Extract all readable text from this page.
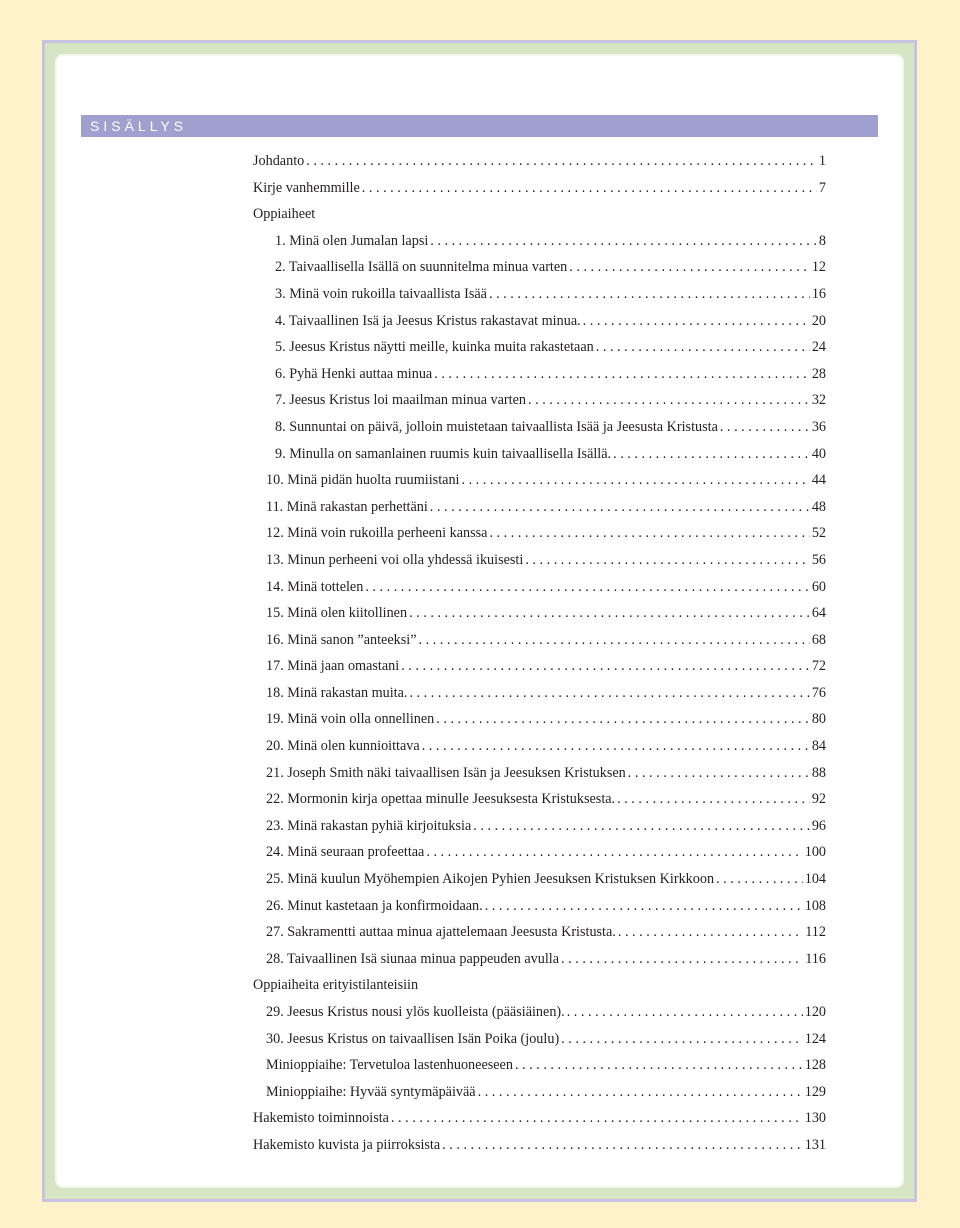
SISÄLLYS
Johdanto . . .	1
Kirje vanhemmille . . .	7
Oppiaiheet
1. Minä olen Jumalan lapsi . . .	8
2. Taivaallisella Isällä on suunnitelma minua varten . . .	12
3. Minä voin rukoilla taivaallista Isää . . .	16
4. Taivaallinen Isä ja Jeesus Kristus rakastavat minua. . . .	20
5. Jeesus Kristus näytti meille, kuinka muita rakastetaan . . .	24
6. Pyhä Henki auttaa minua . . .	28
7. Jeesus Kristus loi maailman minua varten . . .	32
8. Sunnuntai on päivä, jolloin muistetaan taivaallista Isää ja Jeesusta Kristusta . . .	36
9. Minulla on samanlainen ruumis kuin taivaallisella Isällä. . . .	40
10. Minä pidän huolta ruumiistani . . .	44
11. Minä rakastan perhettäni . . .	48
12. Minä voin rukoilla perheeni kanssa . . .	52
13. Minun perheeni voi olla yhdessä ikuisesti . . .	56
14. Minä tottelen . . .	60
15. Minä olen kiitollinen . . .	64
16. Minä sanon ”anteeksi” . . .	68
17. Minä jaan omastani . . .	72
18. Minä rakastan muita. . . .	76
19. Minä voin olla onnellinen . . .	80
20. Minä olen kunnioittava . . .	84
21. Joseph Smith näki taivaallisen Isän ja Jeesuksen Kristuksen . . .	88
22. Mormonin kirja opettaa minulle Jeesuksesta Kristuksesta. . . .	92
23. Minä rakastan pyhiä kirjoituksia . . .	96
24. Minä seuraan profeettaa . . .	100
25. Minä kuulun Myöhempien Aikojen Pyhien Jeesuksen Kristuksen Kirkkoon . . .	104
26. Minut kastetaan ja konfirmoidaan. . . .	108
27. Sakramentti auttaa minua ajattelemaan Jeesusta Kristusta. . . .	112
28. Taivaallinen Isä siunaa minua pappeuden avulla . . .	116
Oppiaiheita erityistilanteisiin
29. Jeesus Kristus nousi ylös kuolleista (pääsiäinen). . . .	120
30. Jeesus Kristus on taivaallisen Isän Poika (joulu) . . .	124
Minioppiaihe: Tervetuloa lastenhuoneeseen . . .	128
Minioppiaihe: Hyvää syntymäpäivää . . .	129
Hakemisto toiminnoista . . .	130
Hakemisto kuvista ja piirroksista . . .	131
